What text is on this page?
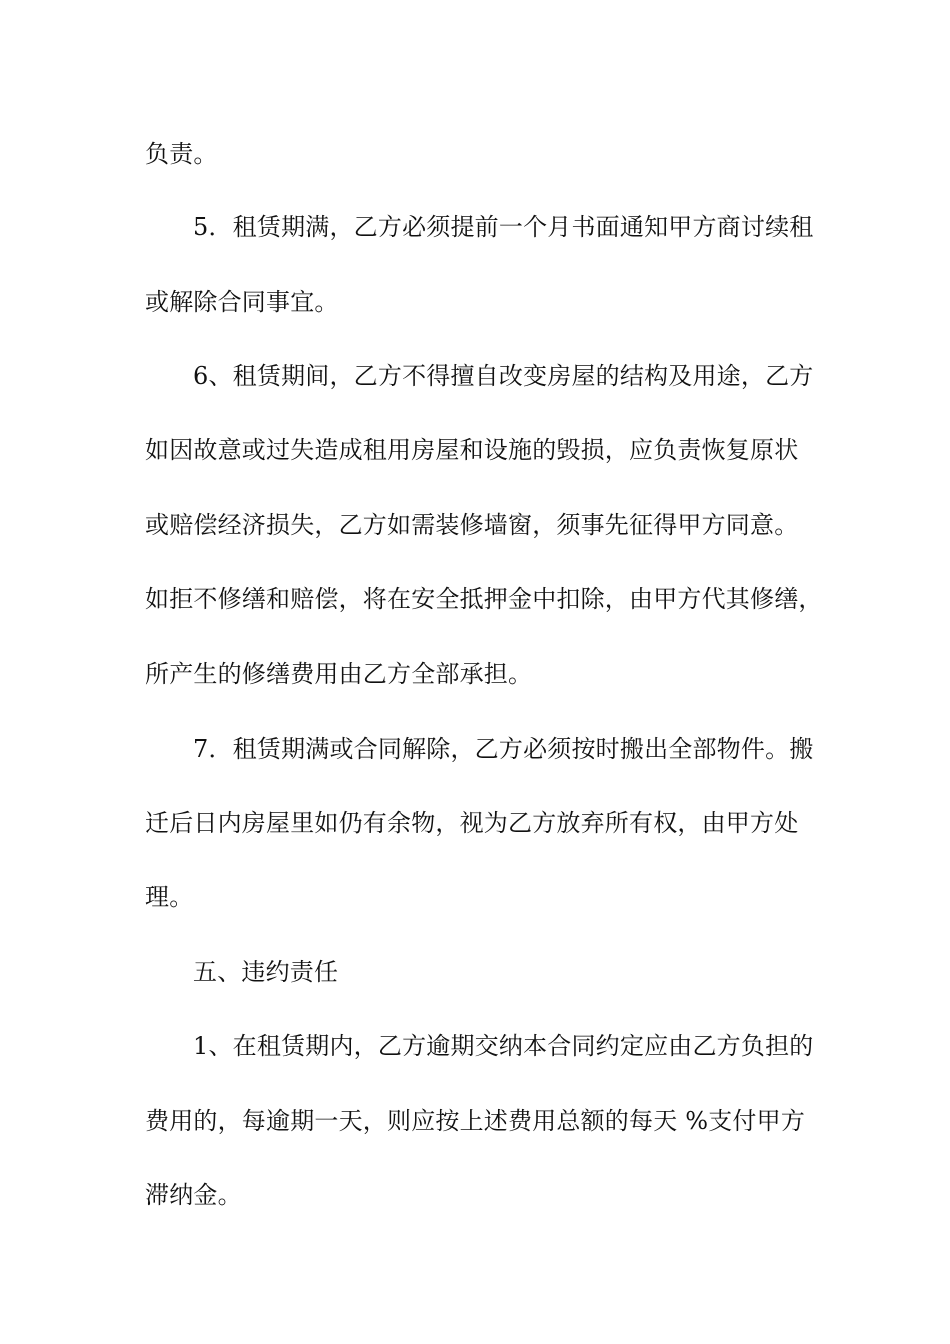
负责。
5．租赁期满，乙方必须提前一个月书面通知甲方商讨续租
或解除合同事宜。
6、租赁期间，乙方不得擅自改变房屋的结构及用途，乙方
如因故意或过失造成租用房屋和设施的毁损，应负责恢复原状
或赔偿经济损失，乙方如需装修墙窗，须事先征得甲方同意。
如拒不修缮和赔偿，将在安全抵押金中扣除，由甲方代其修缮，
所产生的修缮费用由乙方全部承担。
7．租赁期满或合同解除，乙方必须按时搬出全部物件。搬
迁后日内房屋里如仍有余物，视为乙方放弃所有权，由甲方处
理。
五、违约责任
1、在租赁期内，乙方逾期交纳本合同约定应由乙方负担的
费用的，每逾期一天，则应按上述费用总额的每天 %支付甲方
滞纳金。
